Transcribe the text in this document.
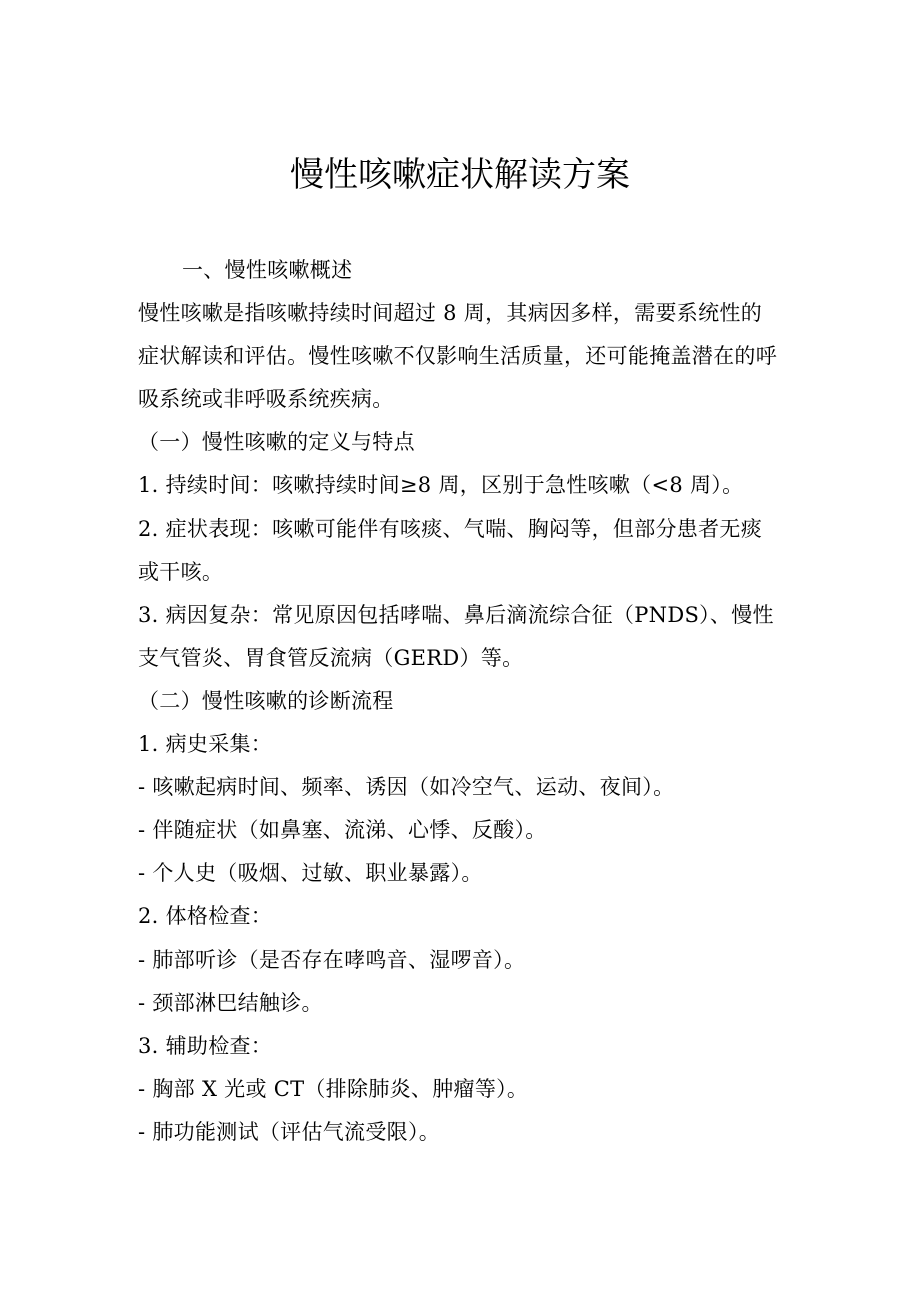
慢性咳嗽症状解读方案

一、慢性咳嗽概述

慢性咳嗽是指咳嗽持续时间超过 8 周，其病因多样，需要系统性的症状解读和评估。慢性咳嗽不仅影响生活质量，还可能掩盖潜在的呼吸系统或非呼吸系统疾病。

（一）慢性咳嗽的定义与特点

1. 持续时间：咳嗽持续时间≥8 周，区别于急性咳嗽（<8 周）。

2. 症状表现：咳嗽可能伴有咳痰、气喘、胸闷等，但部分患者无痰或干咳。

3. 病因复杂：常见原因包括哮喘、鼻后滴流综合征（PNDS）、慢性支气管炎、胃食管反流病（GERD）等。

（二）慢性咳嗽的诊断流程

1. 病史采集：

- 咳嗽起病时间、频率、诱因（如冷空气、运动、夜间）。

- 伴随症状（如鼻塞、流涕、心悸、反酸）。

- 个人史（吸烟、过敏、职业暴露）。

2. 体格检查：

- 肺部听诊（是否存在哮鸣音、湿啰音）。

- 颈部淋巴结触诊。

3. 辅助检查：

- 胸部 X 光或 CT（排除肺炎、肿瘤等）。

- 肺功能测试（评估气流受限）。
